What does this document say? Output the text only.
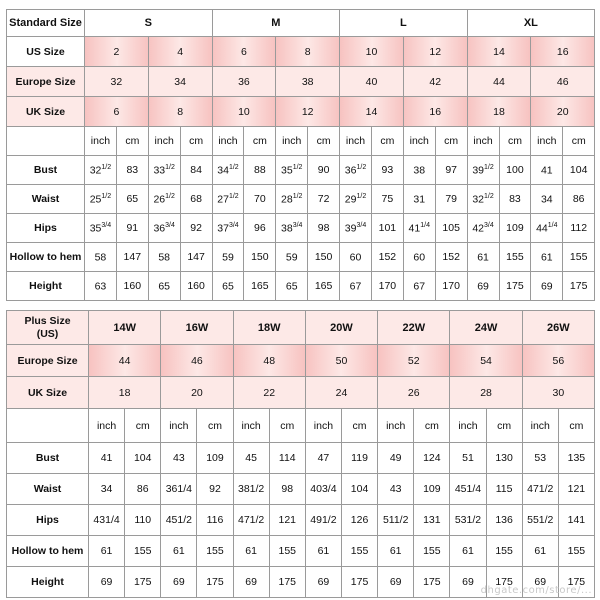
Standard Size	S				M				L				XL			
US Size	2		4		6		8		10		12		14		16	
Europe Size	32		34		36		38		40		42		44		46	
UK Size	6		8		10		12		14		16		18		20	
	inch	cm	inch	cm	inch	cm	inch	cm	inch	cm	inch	cm	inch	cm	inch	cm
Bust	$32^{1/2}$	83	$33^{1/2}$	84	$34^{1/2}$	88	$35^{1/2}$	90	$36^{1/2}$	93	38	97	$39^{1/2}$	100	41	104
Waist	$25^{1/2}$	65	$26^{1/2}$	68	$27^{1/2}$	70	$28^{1/2}$	72	$29^{1/2}$	75	31	79	$32^{1/2}$	83	34	86
Hips	$35^{3/4}$	91	$36^{3/4}$	92	$37^{3/4}$	96	$38^{3/4}$	98	$39^{3/4}$	101	$41^{1/4}$	105	$42^{3/4}$	109	$44^{1/4}$	112
Hollow to hem	58	147	58	147	59	150	59	150	60	152	60	152	61	155	61	155
Height	63	160	65	160	65	165	65	165	67	170	67	170	69	175	69	175
Plus Size
(US)	14W		16W		18W		20W		22W		24W		26W	
Europe Size	44		46		48		50		52		54		56	
UK Size	18		20		22		24		26		28		30	
	inch	cm	inch	cm	inch	cm	inch	cm	inch	cm	inch	cm	inch	cm
Bust	41	104	43	109	45	114	47	119	49	124	51	130	53	135
Waist	34	86	361/4	92	381/2	98	403/4	104	43	109	451/4	115	471/2	121
Hips	431/4	110	451/2	116	471/2	121	491/2	126	511/2	131	531/2	136	551/2	141
Hollow to hem	61	155	61	155	61	155	61	155	61	155	61	155	61	155
Height	69	175	69	175	69	175	69	175	69	175	69	175	69	175
dhgate.com/store/...
